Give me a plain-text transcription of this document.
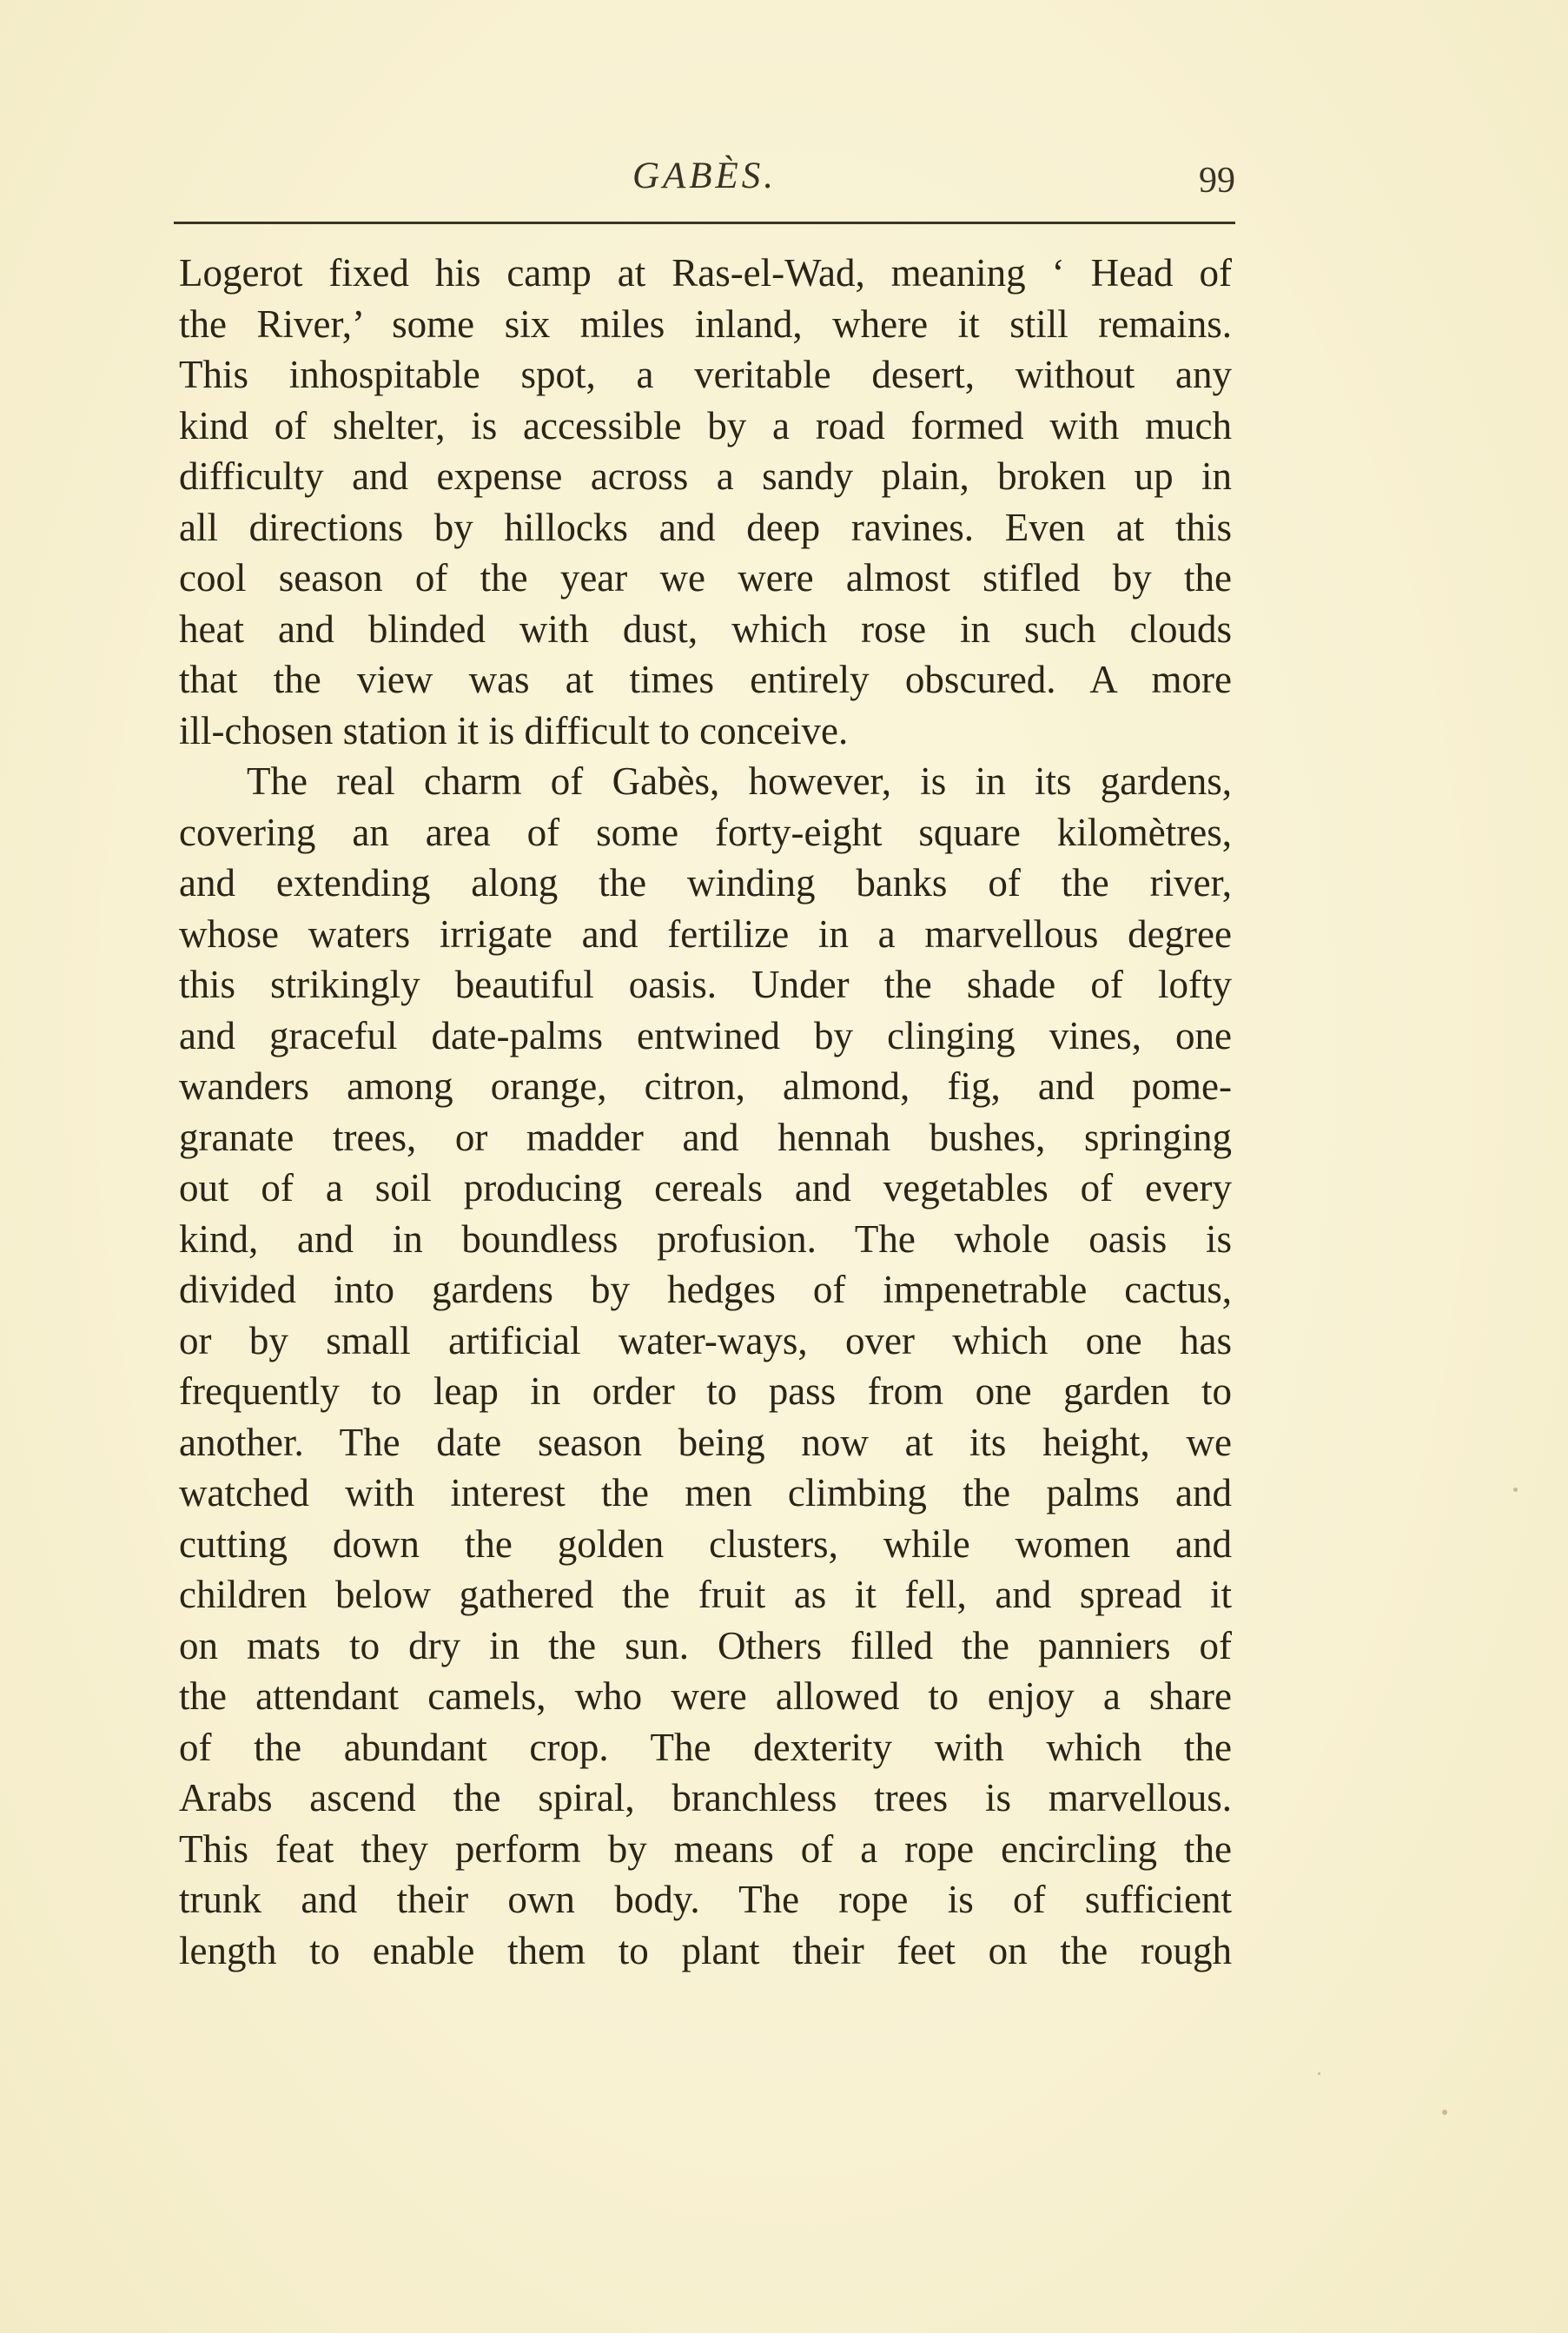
GABÈS.	99
Logerot fixed his camp at Ras-el-Wad, meaning ‘ Head of
the River,’ some six miles inland, where it still remains.
This inhospitable spot, a veritable desert, without any
kind of shelter, is accessible by a road formed with much
difficulty and expense across a sandy plain, broken up in
all directions by hillocks and deep ravines. Even at this
cool season of the year we were almost stifled by the
heat and blinded with dust, which rose in such clouds
that the view was at times entirely obscured. A more
ill-chosen station it is difficult to conceive.
The real charm of Gabès, however, is in its gardens,
covering an area of some forty-eight square kilomètres,
and extending along the winding banks of the river,
whose waters irrigate and fertilize in a marvellous degree
this strikingly beautiful oasis. Under the shade of lofty
and graceful date-palms entwined by clinging vines, one
wanders among orange, citron, almond, fig, and pome-
granate trees, or madder and hennah bushes, springing
out of a soil producing cereals and vegetables of every
kind, and in boundless profusion. The whole oasis is
divided into gardens by hedges of impenetrable cactus,
or by small artificial water-ways, over which one has
frequently to leap in order to pass from one garden to
another. The date season being now at its height, we
watched with interest the men climbing the palms and
cutting down the golden clusters, while women and
children below gathered the fruit as it fell, and spread it
on mats to dry in the sun. Others filled the panniers of
the attendant camels, who were allowed to enjoy a share
of the abundant crop. The dexterity with which the
Arabs ascend the spiral, branchless trees is marvellous.
This feat they perform by means of a rope encircling the
trunk and their own body. The rope is of sufficient
length to enable them to plant their feet on the rough
